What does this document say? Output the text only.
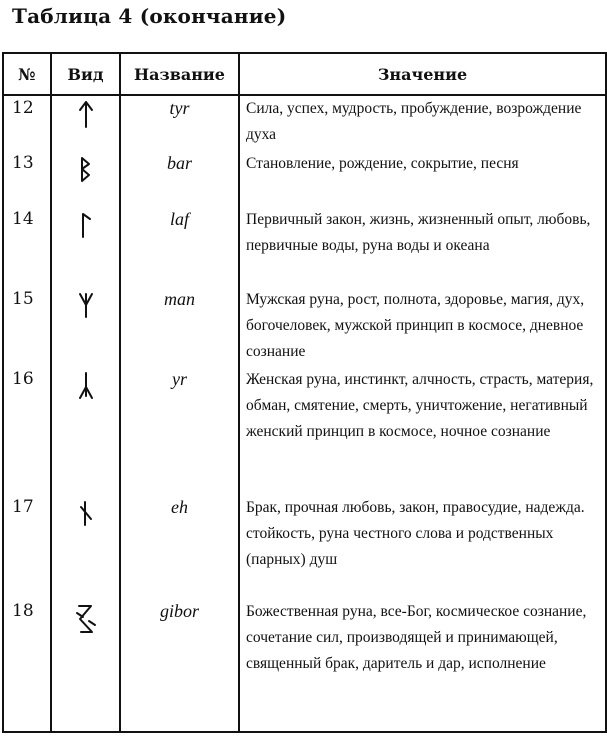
Таблица 4 (окончание)
№	Вид	Название	Значение
12		tyr	Сила, успех, мудрость, пробуждение, возрождение духа
13		bar	Становление, рождение, сокрытие, песня
14		laf	Первичный закон, жизнь, жизненный опыт, любовь, первичные воды, руна воды и океана
15		man	Мужская руна, рост, полнота, здоровье, магия, дух, богочеловек, мужской принцип в космосе, дневное сознание
16		yr	Женская руна, инстинкт, алчность, страсть, материя, обман, смятение, смерть, уничтожение, негативный женский принцип в космосе, ночное сознание
17		eh	Брак, прочная любовь, закон, правосудие, надежда. стойкость, руна честного слова и родственных (парных) душ
18		gibor	Божественная руна, все-Бог, космическое сознание, сочетание сил, производящей и принимающей, священный брак, даритель и дар, исполнение
